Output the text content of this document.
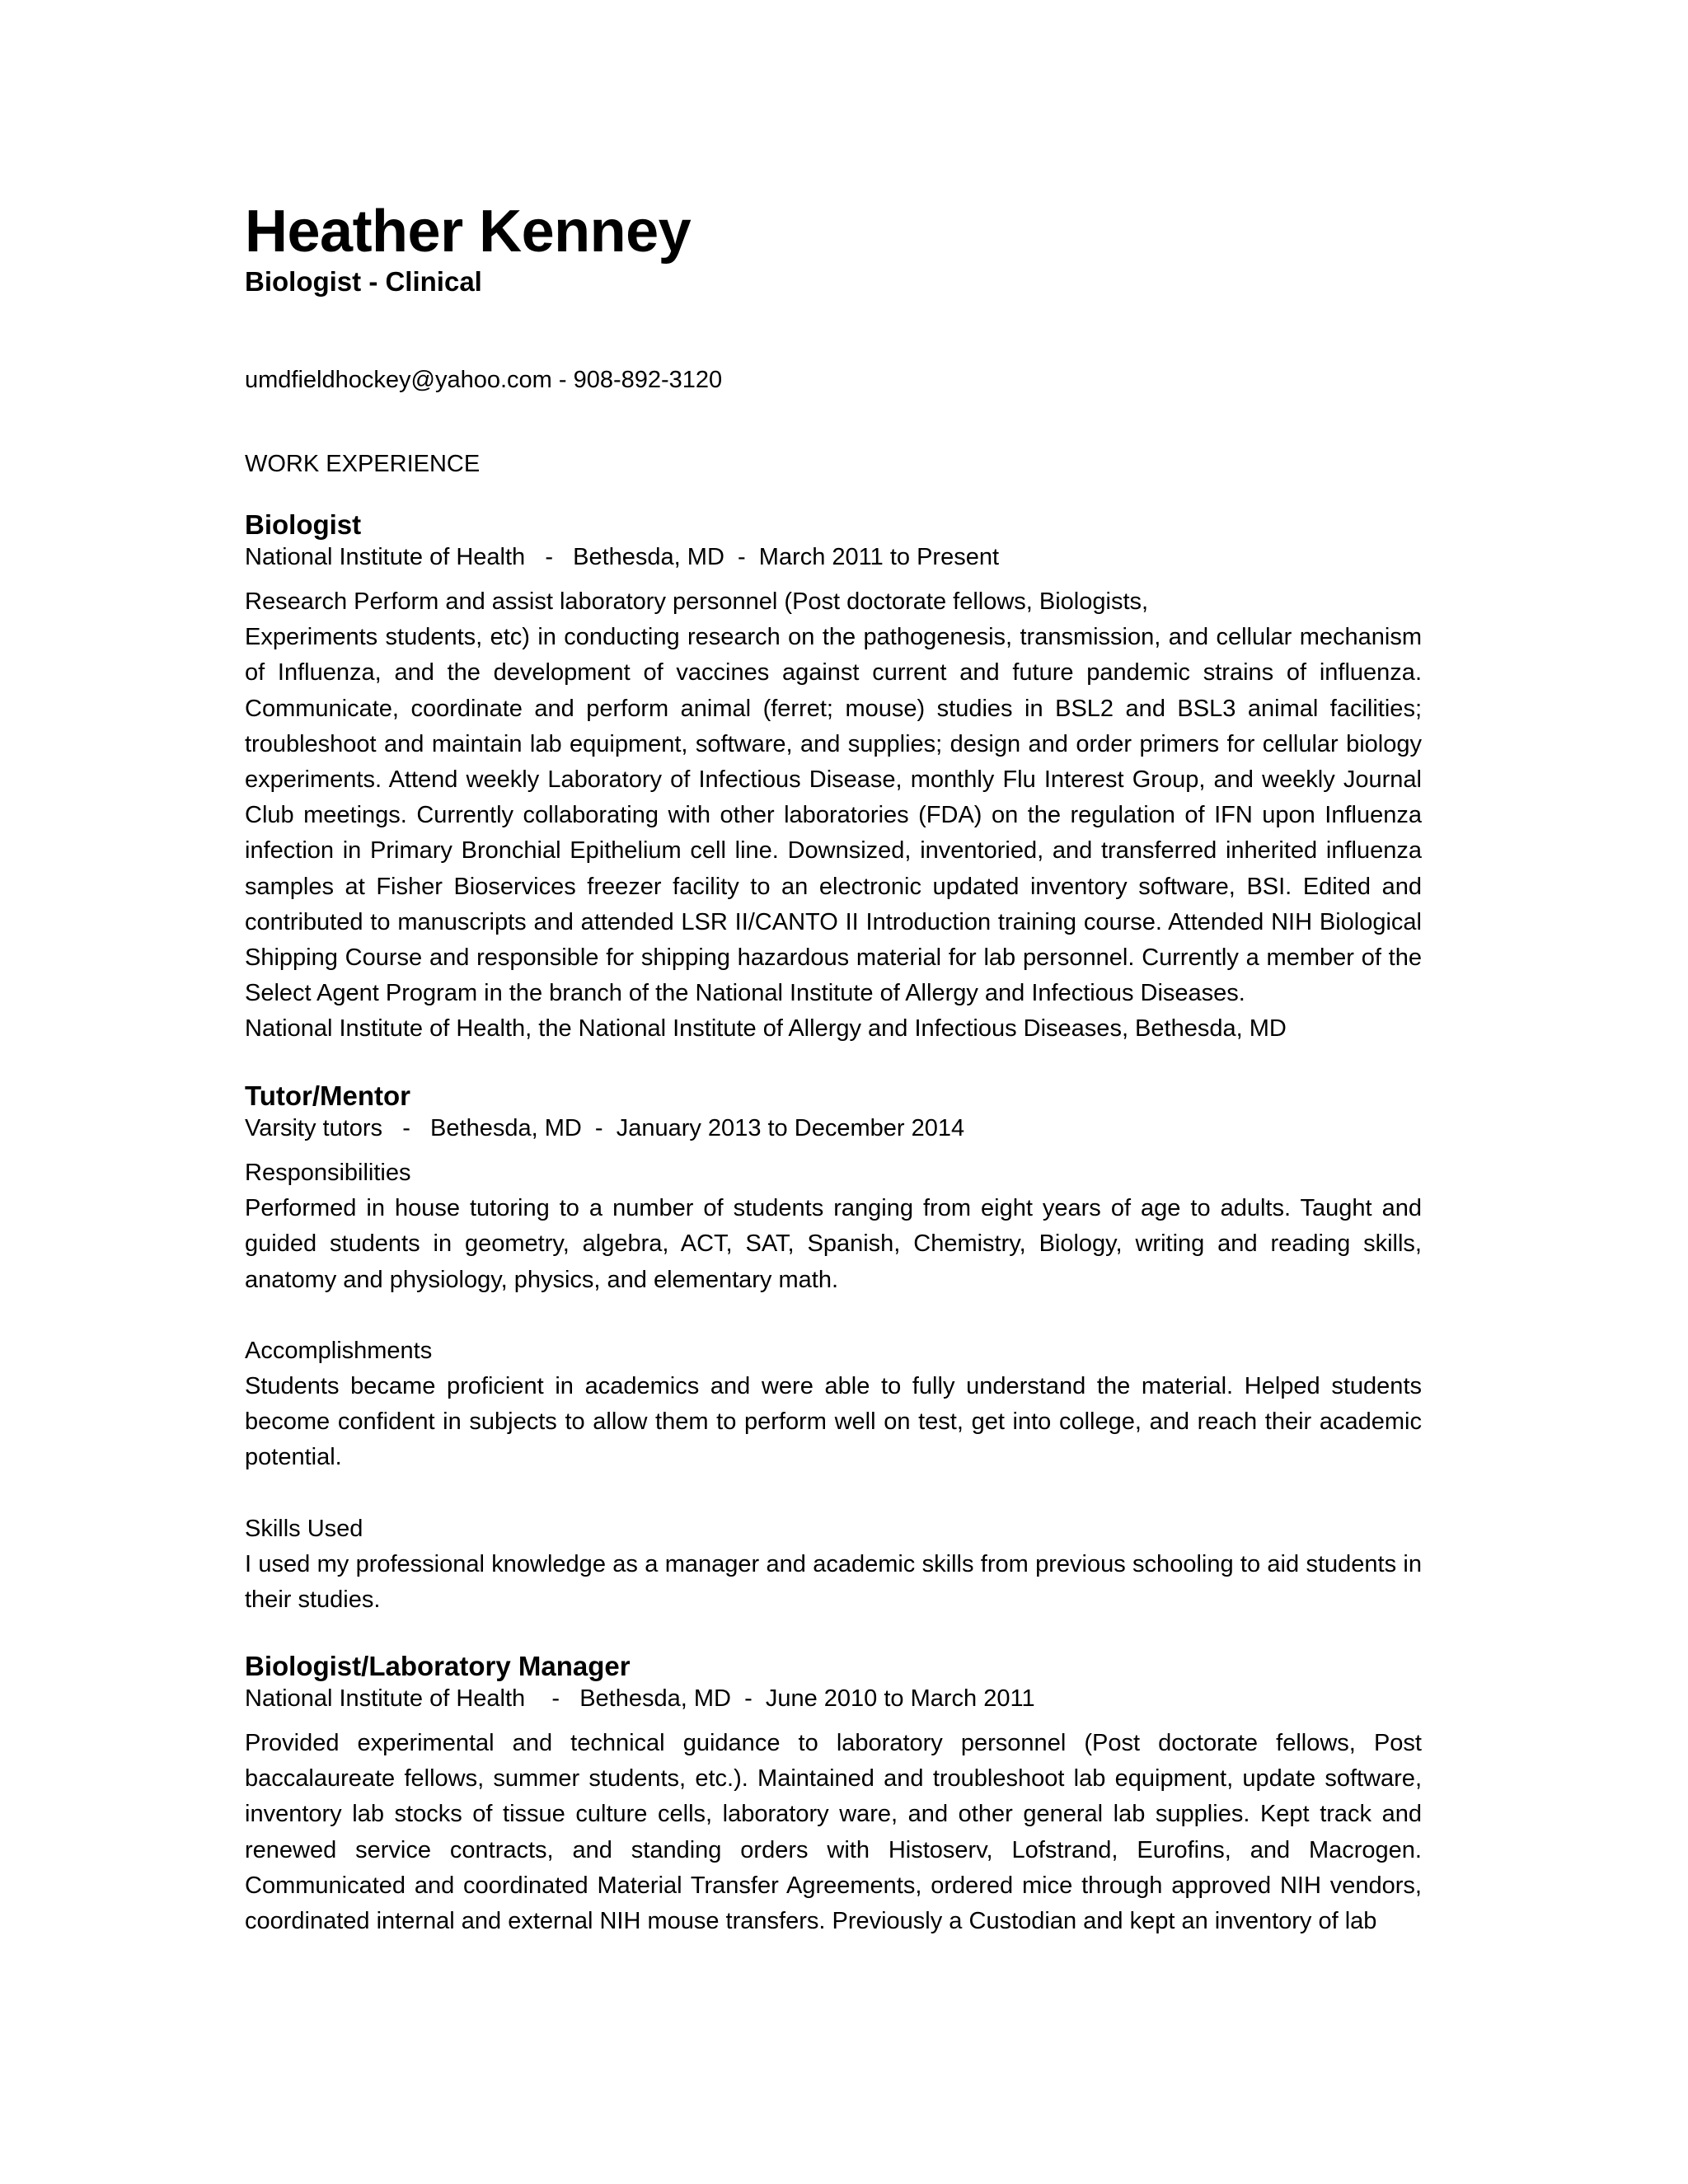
Heather Kenney

Biologist - Clinical

umdfieldhockey@yahoo.com - 908-892-3120
WORK EXPERIENCE

Biologist

National Institute of Health   -   Bethesda, MD  -  March 2011 to Present

Research Perform and assist laboratory personnel (Post doctorate fellows, Biologists,

Experiments students, etc) in conducting research on the pathogenesis, transmission, and cellular mechanism of Influenza, and the development of vaccines against current and future pandemic strains of influenza. Communicate, coordinate and perform animal (ferret; mouse) studies in BSL2 and BSL3 animal facilities; troubleshoot and maintain lab equipment, software, and supplies; design and order primers for cellular biology experiments. Attend weekly Laboratory of Infectious Disease, monthly Flu Interest Group, and weekly Journal Club meetings. Currently collaborating with other laboratories (FDA) on the regulation of IFN upon Influenza infection in Primary Bronchial Epithelium cell line. Downsized, inventoried, and transferred inherited influenza samples at Fisher Bioservices freezer facility to an electronic updated inventory software, BSI. Edited and contributed to manuscripts and attended LSR II/CANTO II Introduction training course. Attended NIH Biological Shipping Course and responsible for shipping hazardous material for lab personnel. Currently a member of the Select Agent Program in the branch of the National Institute of Allergy and Infectious Diseases.

National Institute of Health, the National Institute of Allergy and Infectious Diseases, Bethesda, MD

Tutor/Mentor

Varsity tutors   -   Bethesda, MD  -  January 2013 to December 2014

Responsibilities

Performed in house tutoring to a number of students ranging from eight years of age to adults. Taught and guided students in geometry, algebra, ACT, SAT, Spanish, Chemistry, Biology, writing and reading skills, anatomy and physiology, physics, and elementary math.

Accomplishments

Students became proficient in academics and were able to fully understand the material. Helped students become confident in subjects to allow them to perform well on test, get into college, and reach their academic potential.

Skills Used

I used my professional knowledge as a manager and academic skills from previous schooling to aid students in their studies.

Biologist/Laboratory Manager

National Institute of Health    -   Bethesda, MD  -  June 2010 to March 2011

Provided experimental and technical guidance to laboratory personnel (Post doctorate fellows, Post baccalaureate fellows, summer students, etc.). Maintained and troubleshoot lab equipment, update software, inventory lab stocks of tissue culture cells, laboratory ware, and other general lab supplies. Kept track and renewed service contracts, and standing orders with Histoserv, Lofstrand, Eurofins, and Macrogen. Communicated and coordinated Material Transfer Agreements, ordered mice through approved NIH vendors, coordinated internal and external NIH mouse transfers. Previously a Custodian and kept an inventory of lab
